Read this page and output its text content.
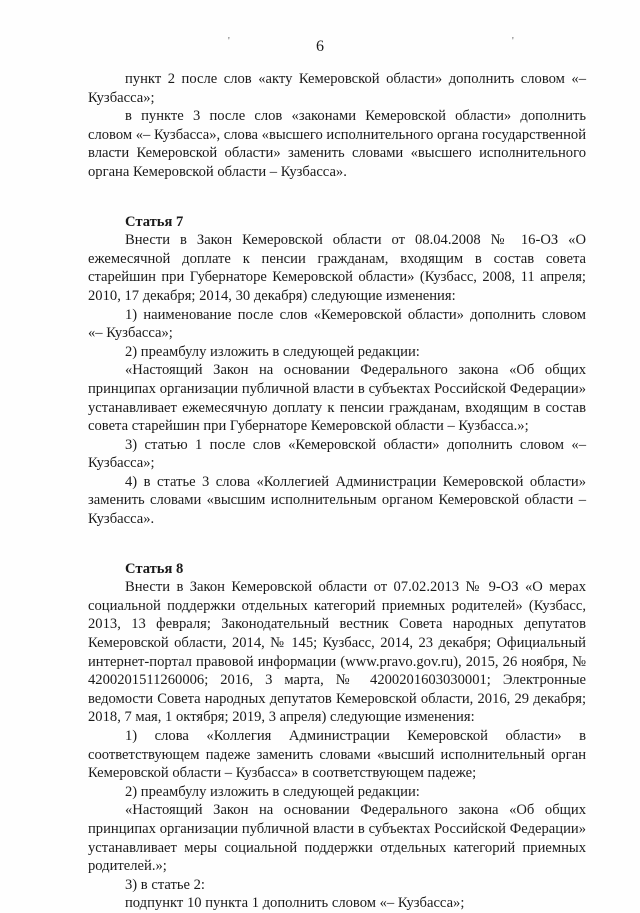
'	'
6

пункт 2 после слов «акту Кемеровской области» дополнить словом «– Кузбасса»;

в пункте 3 после слов «законами Кемеровской области» дополнить словом «– Кузбасса», слова «высшего исполнительного органа государственной власти Кемеровской области» заменить словами «высшего исполнительного органа Кемеровской области – Кузбасса».

Статья 7

Внести в Закон Кемеровской области от 08.04.2008 № 16-ОЗ «О ежемесячной доплате к пенсии гражданам, входящим в состав совета старейшин при Губернаторе Кемеровской области» (Кузбасс, 2008, 11 апреля; 2010, 17 декабря; 2014, 30 декабря) следующие изменения:

1) наименование после слов «Кемеровской области» дополнить словом «– Кузбасса»;

2) преамбулу изложить в следующей редакции:

«Настоящий Закон на основании Федерального закона «Об общих принципах организации публичной власти в субъектах Российской Федерации» устанавливает ежемесячную доплату к пенсии гражданам, входящим в состав совета старейшин при Губернаторе Кемеровской области – Кузбасса.»;

3) статью 1 после слов «Кемеровской области» дополнить словом «– Кузбасса»;

4) в статье 3 слова «Коллегией Администрации Кемеровской области» заменить словами «высшим исполнительным органом Кемеровской области – Кузбасса».

Статья 8

Внести в Закон Кемеровской области от 07.02.2013 № 9-ОЗ «О мерах социальной поддержки отдельных категорий приемных родителей» (Кузбасс, 2013, 13 февраля; Законодательный вестник Совета народных депутатов Кемеровской области, 2014, № 145; Кузбасс, 2014, 23 декабря; Официальный интернет-портал правовой информации (www.pravo.gov.ru), 2015, 26 ноября, № 4200201511260006; 2016, 3 марта, № 4200201603030001; Электронные ведомости Совета народных депутатов Кемеровской области, 2016, 29 декабря; 2018, 7 мая, 1 октября; 2019, 3 апреля) следующие изменения:

1) слова «Коллегия Администрации Кемеровской области» в соответствующем падеже заменить словами «высший исполнительный орган Кемеровской области – Кузбасса» в соответствующем падеже;

2) преамбулу изложить в следующей редакции:

«Настоящий Закон на основании Федерального закона «Об общих принципах организации публичной власти в субъектах Российской Федерации» устанавливает меры социальной поддержки отдельных категорий приемных родителей.»;

3) в статье 2:

подпункт 10 пункта 1 дополнить словом «– Кузбасса»;
